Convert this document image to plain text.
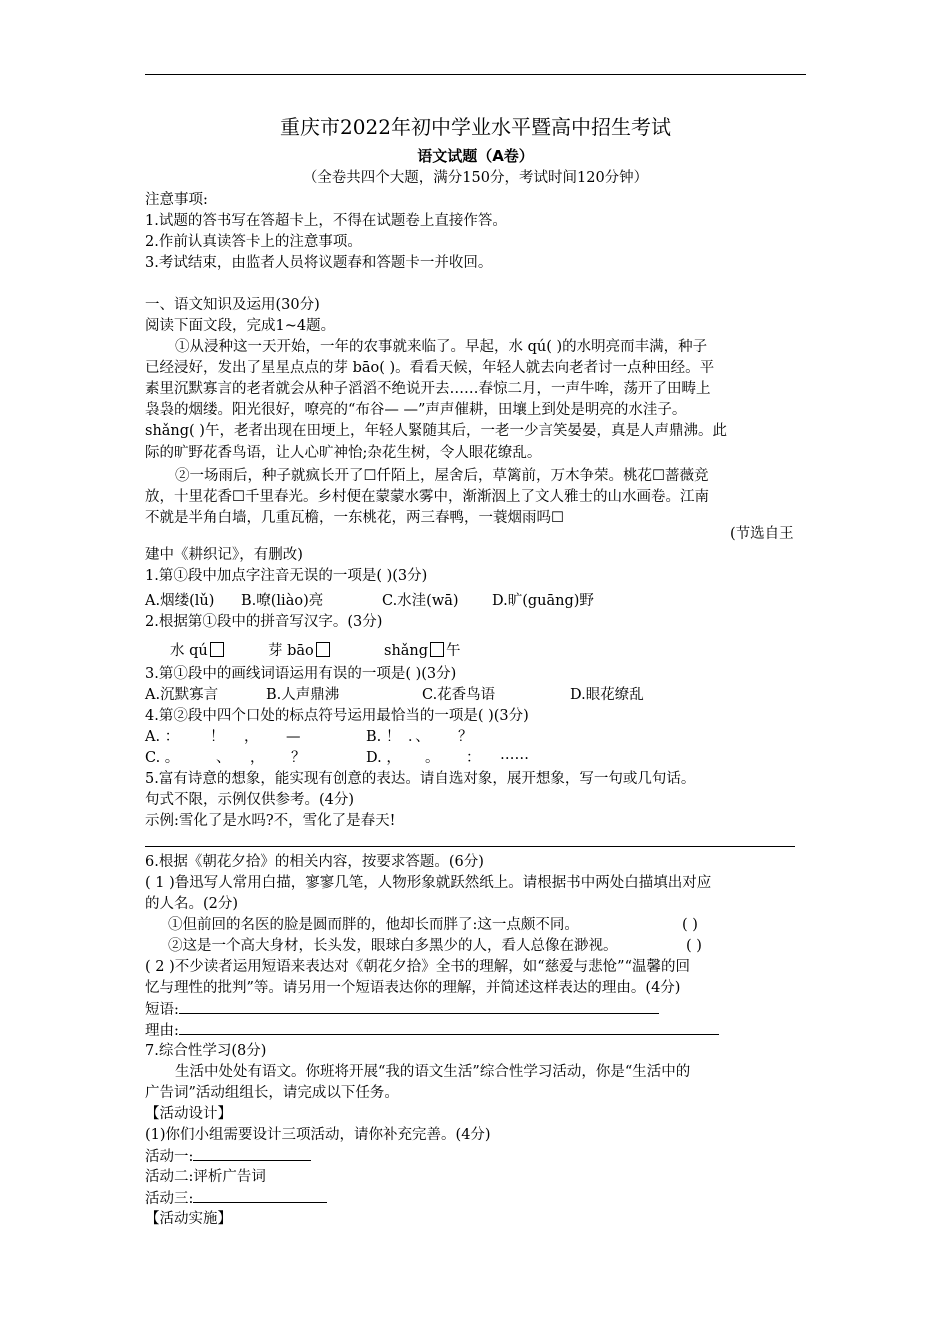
重庆市2022年初中学业水平暨高中招生考试
语文试题（A卷）
（全卷共四个大题，满分150分，考试时间120分钟）
注意事项:
1.试题的答书写在答超卡上，不得在试题卷上直接作答。
2.作前认真读答卡上的注意事项。
3.考试结束，由监者人员将议题春和答题卡一并收回。
一、语文知识及运用(30分)
阅读下面文段，完成1~4题。
①从浸种这一天开始，一年的农事就来临了。早起，水 qú( )的水明亮而丰满，种子
已经浸好，发出了星星点点的芽 bāo( )。看看天候，年轻人就去向老者讨一点种田经。平
素里沉默寡言的老者就会从种子滔滔不绝说开去……春惊二月，一声牛哞，荡开了田畴上
袅袅的烟缕。阳光很好，嘹亮的“布谷— —”声声催耕，田壤上到处是明亮的水洼子。
shǎng( )午，老者出现在田埂上，年轻人緊随其后，一老一少言笑晏晏，真是人声鼎沸。此
际的旷野花香鸟语，让人心旷神怡;杂花生树，令人眼花缭乱。
②一场雨后，种子就疯长开了☐仟陌上，屋舍后，草篱前，万木争荣。桃花☐蔷薇竞
放，十里花香☐千里春光。乡村便在蒙蒙水雾中，渐渐洇上了文人雅士的山水画卷。江南
不就是半角白墙，几重瓦檐，一东桃花，两三春鸭，一蓑烟雨吗☐
(节选自王
建中《耕织记》，有删改)
1.第①段中加点字注音无误的一项是( )(3分)
A.烟缕(lǔ) B.嘹(liào)亮	C.水洼(wā) D.旷(guāng)野
2.根据第①段中的拼音写汉字。(3分)
水 qú	芽 bāo	shǎng 午
3.第①段中的画线词语运用有误的一项是( )(3分)
A.沉默寡言	B.人声鼎沸	C.花香鸟语	D.眼花缭乱
4.第②段中四个口处的标点符号运用最恰当的一项是( )(3分)
A. ： ！ ， —	B. ！ ．、 ？
C. 。	、 ， ？	D. ， 。 ： ……
5.富有诗意的想象，能实现有创意的表达。请自选对象，展开想象，写一句或几句话。
句式不限，示例仅供参考。(4分)
示例:雪化了是水吗?不，雪化了是春天!
6.根据《朝花夕拾》的相关内容，按要求答题。(6分)
( 1 )鲁迅写人常用白描，寥寥几笔，人物形象就跃然纸上。请根据书中两处白描填出对应
的人名。(2分)
①但前回的名医的脸是圆而胖的，他却长而胖了:这一点颇不同。	( )
②这是一个高大身材，长头发，眼球白多黑少的人，看人总像在渺视。	( )
( 2 )不少读者运用短语来表达对《朝花夕拾》全书的理解，如“慈爱与悲怆”“温馨的回
忆与理性的批判”等。请另用一个短语表达你的理解，并简述这样表达的理由。(4分)
短语:
理由:
7.综合性学习(8分)
生活中处处有语文。你班将开展“我的语文生活”综合性学习活动，你是“生活中的
广告词”活动组组长，请完成以下任务。
【活动设计】
(1)你们小组需要设计三项活动，请你补充完善。(4分)
活动一:
活动二:评析广告词
活动三:
【活动实施】
